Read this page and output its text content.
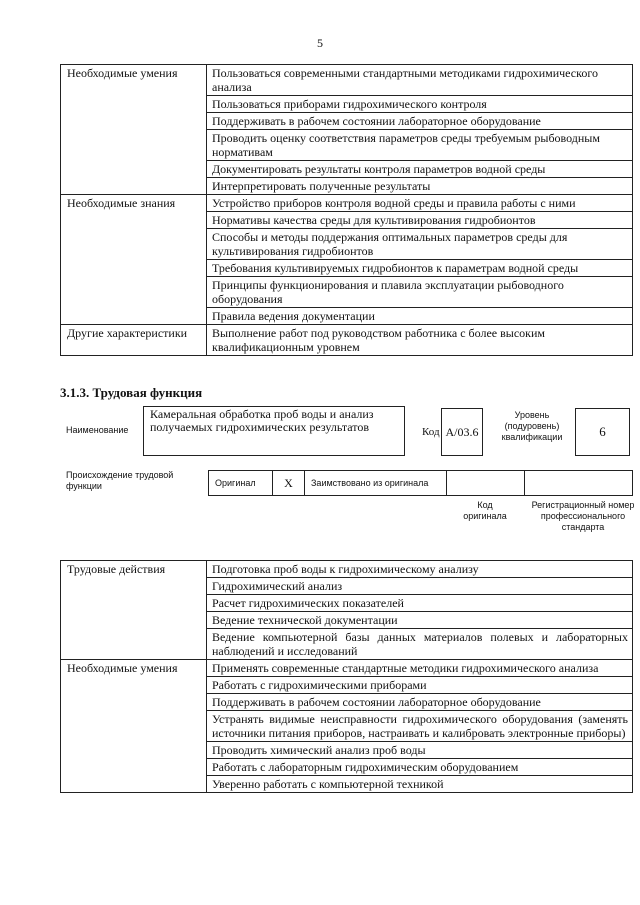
5
Необходимые умения	Пользоваться современными стандартными методиками гидрохимического анализа
	Пользоваться приборами гидрохимического контроля
	Поддерживать в рабочем состоянии лабораторное оборудование
	Проводить оценку соответствия параметров среды требуемым рыбоводным нормативам
	Документировать результаты контроля параметров водной среды
	Интерпретировать полученные результаты
Необходимые знания	Устройство приборов контроля водной среды и правила работы с ними
	Нормативы качества среды для культивирования гидробионтов
	Способы и методы поддержания оптимальных параметров среды для культивирования гидробионтов
	Требования культивируемых гидробионтов к параметрам водной среды
	Принципы функционирования и плавила эксплуатации рыбоводного оборудования
	Правила ведения документации
Другие характеристики	Выполнение работ под руководством работника с более высоким квалификационным уровнем
3.1.3. Трудовая функция
Наименование
Камеральная обработка проб воды и анализ получаемых гидрохимических результатов	Код А/03.6
Уровень (подуровень) квалификации	6
Происхождение трудовой функции	Оригинал	X	Заимствовано из оригинала
Код оригинала
Регистрационный номер профессионального стандарта
Трудовые действия	Подготовка проб воды к гидрохимическому анализу
	Гидрохимический анализ
	Расчет гидрохимических показателей
	Ведение технической документации
	Ведение компьютерной базы данных материалов полевых и лабораторных наблюдений и исследований
Необходимые умения	Применять современные стандартные методики гидрохимического анализа
	Работать с гидрохимическими приборами
	Поддерживать в рабочем состоянии лабораторное оборудование
	Устранять видимые неисправности гидрохимического оборудования (заменять источники питания приборов, настраивать и калибровать электронные приборы)
	Проводить химический анализ проб воды
	Работать с лабораторным гидрохимическим оборудованием
	Уверенно работать с компьютерной техникой
